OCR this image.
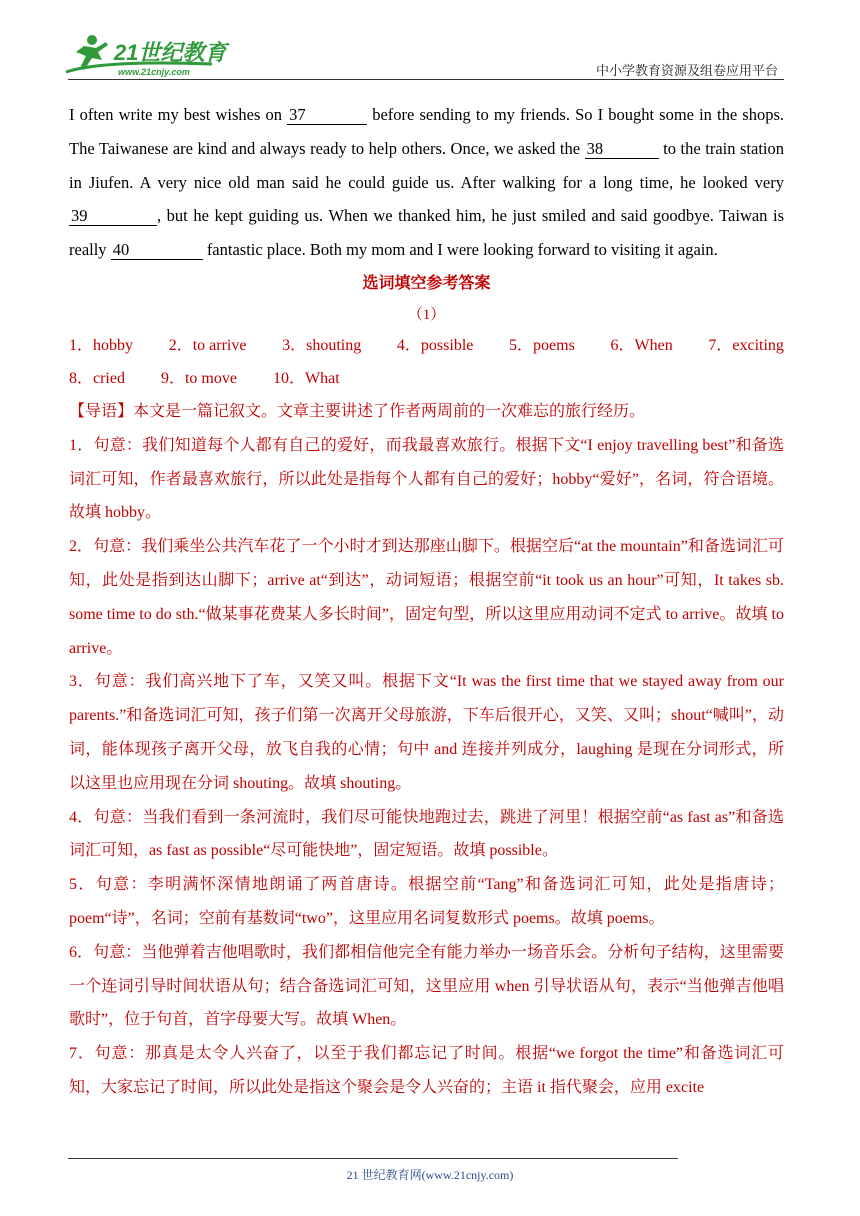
21世纪教育
www.21cnjy.com	中小学教育资源及组卷应用平台

I often write my best wishes on 37	before sending to my friends. So I bought some in the shops. The Taiwanese are kind and always ready to help others. Once, we asked the 38	to the train station in Jiufen. A very nice old man said he could guide us. After walking for a long time, he looked very 39	, but he kept guiding us. When we thanked him, he just smiled and said goodbye. Taiwan is really 40	fantastic place. Both my mom and I were looking forward to visiting it again.

选词填空参考答案

（1）

1．hobby 2．to arrive 3．shouting 4．possible 5．poems 6．When 7．exciting
8．cried 9．to move 10．What

【导语】本文是一篇记叙文。文章主要讲述了作者两周前的一次难忘的旅行经历。

1．句意：我们知道每个人都有自己的爱好，而我最喜欢旅行。根据下文“I enjoy travelling best”和备选词汇可知，作者最喜欢旅行，所以此处是指每个人都有自己的爱好；hobby“爱好”，名词，符合语境。故填 hobby。

2．句意：我们乘坐公共汽车花了一个小时才到达那座山脚下。根据空后“at the mountain”和备选词汇可知，此处是指到达山脚下；arrive at“到达”，动词短语；根据空前“it took us an hour”可知，It takes sb. some time to do sth.“做某事花费某人多长时间”，固定句型，所以这里应用动词不定式 to arrive。故填 to arrive。

3．句意：我们高兴地下了车，又笑又叫。根据下文“It was the first time that we stayed away from our parents.”和备选词汇可知，孩子们第一次离开父母旅游，下车后很开心，又笑、又叫；shout“喊叫”，动词，能体现孩子离开父母，放飞自我的心情；句中 and 连接并列成分，laughing 是现在分词形式，所以这里也应用现在分词 shouting。故填 shouting。

4．句意：当我们看到一条河流时，我们尽可能快地跑过去，跳进了河里！根据空前“as fast as”和备选词汇可知，as fast as possible“尽可能快地”，固定短语。故填 possible。

5．句意：李明满怀深情地朗诵了两首唐诗。根据空前“Tang”和备选词汇可知，此处是指唐诗；poem“诗”，名词；空前有基数词“two”，这里应用名词复数形式 poems。故填 poems。

6．句意：当他弹着吉他唱歌时，我们都相信他完全有能力举办一场音乐会。分析句子结构，这里需要一个连词引导时间状语从句；结合备选词汇可知，这里应用 when 引导状语从句，表示“当他弹吉他唱歌时”，位于句首，首字母要大写。故填 When。

7．句意：那真是太令人兴奋了，以至于我们都忘记了时间。根据“we forgot the time”和备选词汇可知，大家忘记了时间，所以此处是指这个聚会是令人兴奋的；主语 it 指代聚会，应用 excite

21 世纪教育网(www.21cnjy.com)
